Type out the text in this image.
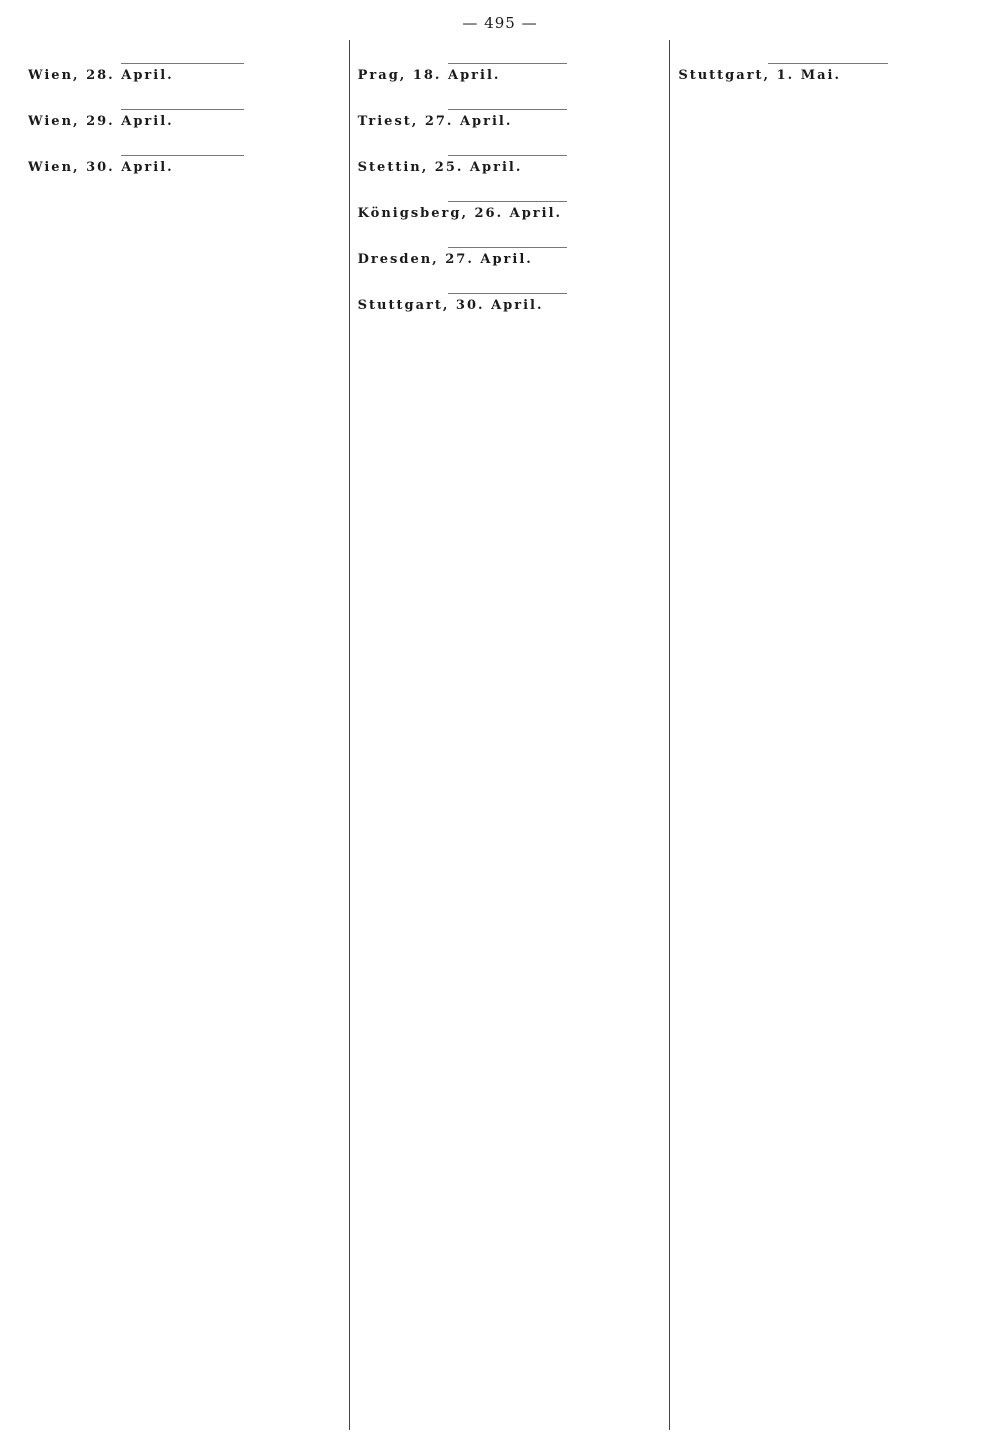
— 495 —

Wien, 28. April.

Wien, 29. April.

Wien, 30. April.

Prag, 18. April.

Triest, 27. April.

Stettin, 25. April.

Königsberg, 26. April.

Dresden, 27. April.

Stuttgart, 30. April.

Stuttgart, 1. Mai.
